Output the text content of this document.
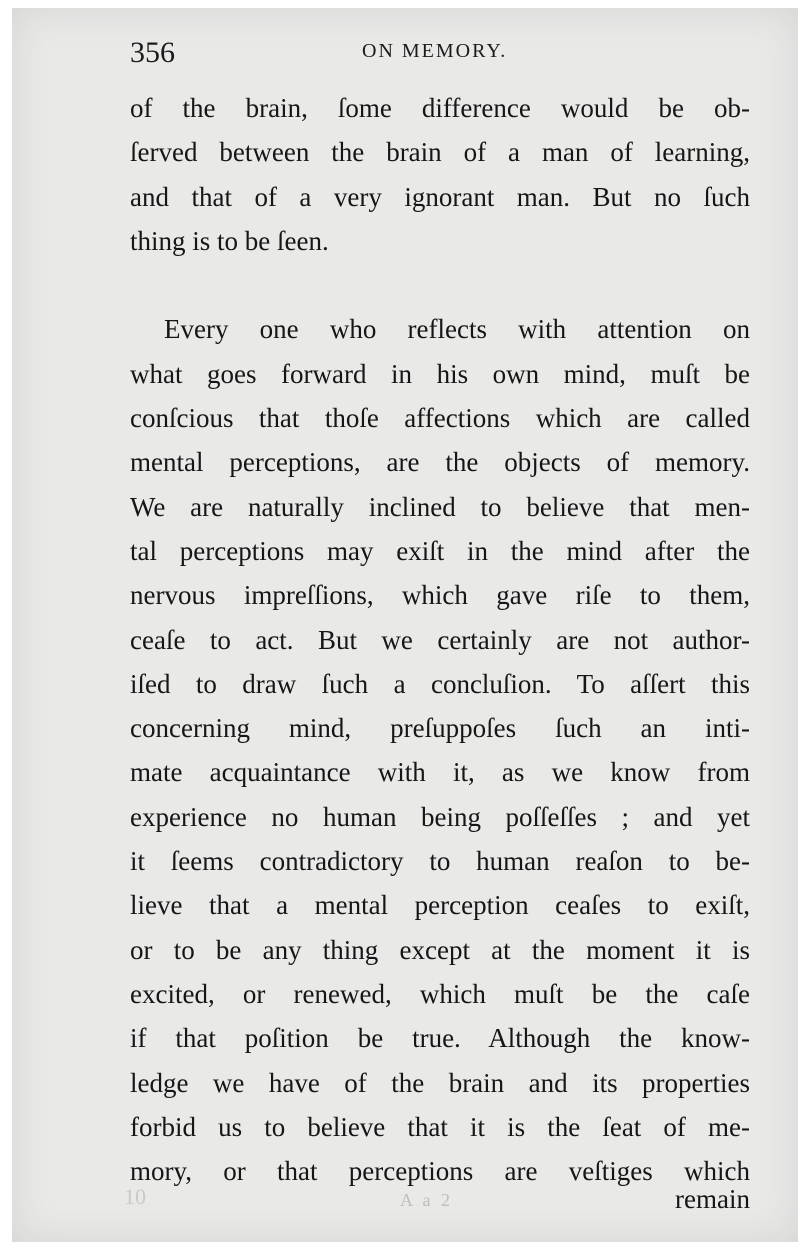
356	ON MEMORY.
of the brain, ſome difference would be ob-
ſerved between the brain of a man of learning,
and that of a very ignorant man. But no ſuch
thing is to be ſeen.
Every one who reflects with attention on
what goes forward in his own mind, muſt be
conſcious that thoſe affections which are called
mental perceptions, are the objects of memory.
We are naturally inclined to believe that men-
tal perceptions may exiſt in the mind after the
nervous impreſſions, which gave riſe to them,
ceaſe to act. But we certainly are not author-
iſed to draw ſuch a concluſion. To aſſert this
concerning mind, preſuppoſes ſuch an inti-
mate acquaintance with it, as we know from
experience no human being poſſeſſes ; and yet
it ſeems contradictory to human reaſon to be-
lieve that a mental perception ceaſes to exiſt,
or to be any thing except at the moment it is
excited, or renewed, which muſt be the caſe
if that poſition be true. Although the know-
ledge we have of the brain and its properties
forbid us to believe that it is the ſeat of me-
mory, or that perceptions are veſtiges which
10	A a 2	remain
